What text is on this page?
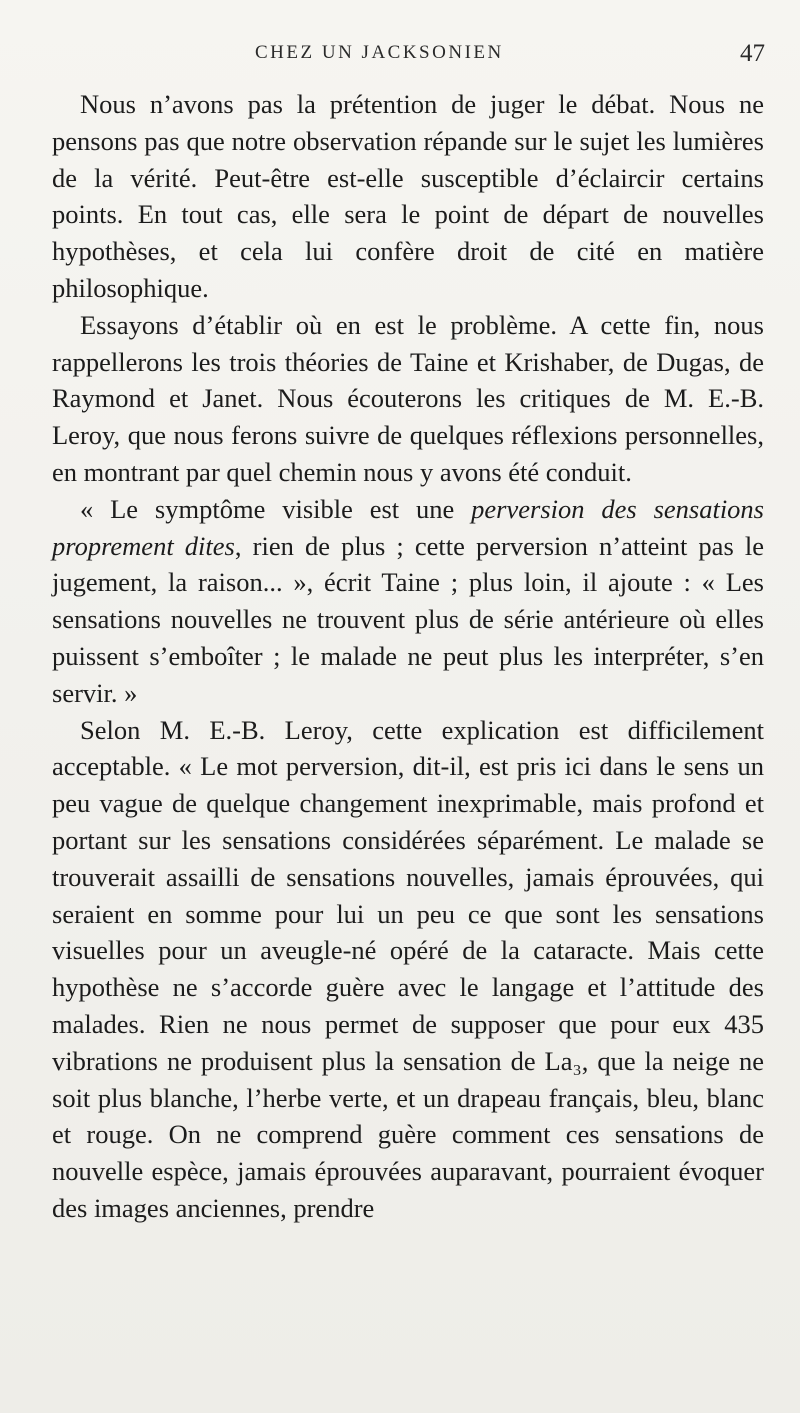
CHEZ UN JACKSONIEN	47

Nous n’avons pas la prétention de juger le débat. Nous ne pensons pas que notre observation répande sur le sujet les lumières de la vérité. Peut-être est-elle susceptible d’éclaircir certains points. En tout cas, elle sera le point de départ de nouvelles hypothèses, et cela lui confère droit de cité en matière philosophique.

Essayons d’établir où en est le problème. A cette fin, nous rappellerons les trois théories de Taine et Krishaber, de Dugas, de Raymond et Janet. Nous écouterons les critiques de M. E.-B. Leroy, que nous ferons suivre de quelques réflexions personnelles, en montrant par quel chemin nous y avons été conduit.

« Le symptôme visible est une perversion des sensations proprement dites, rien de plus ; cette perversion n’atteint pas le jugement, la raison... », écrit Taine ; plus loin, il ajoute : « Les sensations nouvelles ne trouvent plus de série antérieure où elles puissent s’emboîter ; le malade ne peut plus les interpréter, s’en servir. »

Selon M. E.-B. Leroy, cette explication est difficilement acceptable. « Le mot perversion, dit-il, est pris ici dans le sens un peu vague de quelque changement inexprimable, mais profond et portant sur les sensations considérées séparément. Le malade se trouverait assailli de sensations nouvelles, jamais éprouvées, qui seraient en somme pour lui un peu ce que sont les sensations visuelles pour un aveugle-né opéré de la cataracte. Mais cette hypothèse ne s’accorde guère avec le langage et l’attitude des malades. Rien ne nous permet de supposer que pour eux 435 vibrations ne produisent plus la sensation de La₃, que la neige ne soit plus blanche, l’herbe verte, et un drapeau français, bleu, blanc et rouge. On ne comprend guère comment ces sensations de nouvelle espèce, jamais éprouvées auparavant, pourraient évoquer des images anciennes, prendre
